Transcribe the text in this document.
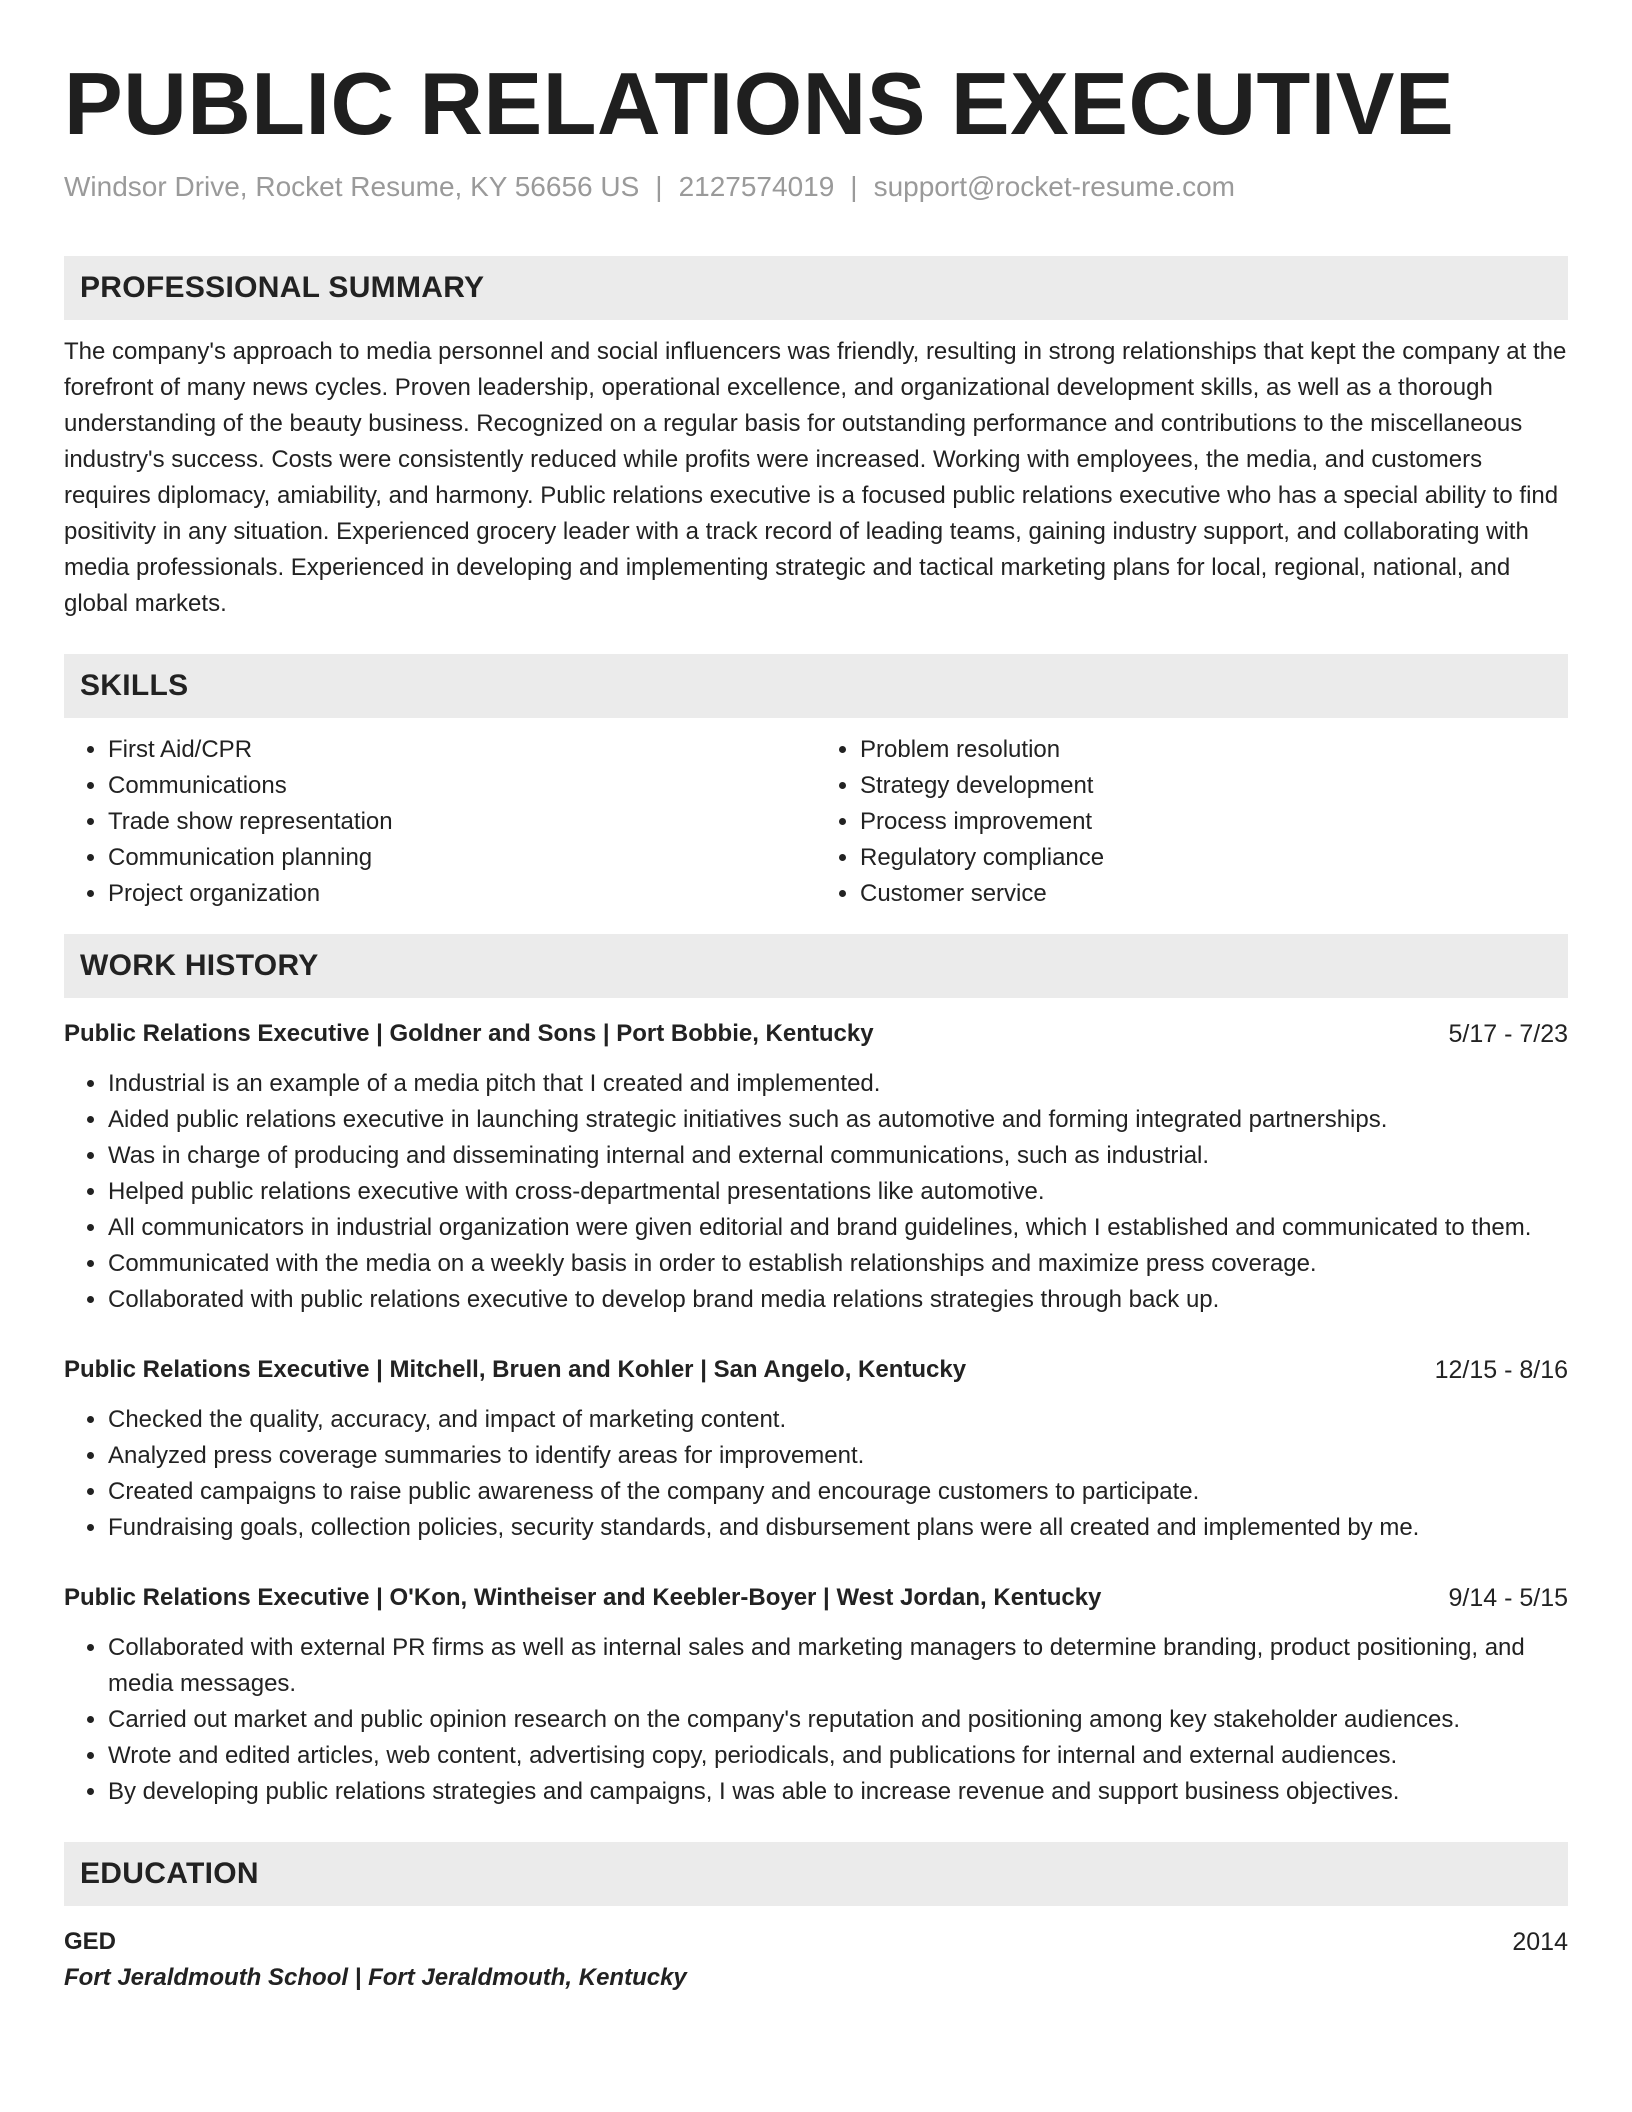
PUBLIC RELATIONS EXECUTIVE
Windsor Drive, Rocket Resume, KY 56656 US | 2127574019 | support@rocket-resume.com
PROFESSIONAL SUMMARY
The company's approach to media personnel and social influencers was friendly, resulting in strong relationships that kept the company at the forefront of many news cycles. Proven leadership, operational excellence, and organizational development skills, as well as a thorough understanding of the beauty business. Recognized on a regular basis for outstanding performance and contributions to the miscellaneous industry's success. Costs were consistently reduced while profits were increased. Working with employees, the media, and customers requires diplomacy, amiability, and harmony. Public relations executive is a focused public relations executive who has a special ability to find positivity in any situation. Experienced grocery leader with a track record of leading teams, gaining industry support, and collaborating with media professionals. Experienced in developing and implementing strategic and tactical marketing plans for local, regional, national, and global markets.
SKILLS
• First Aid/CPR
• Communications
• Trade show representation
• Communication planning
• Project organization
• Problem resolution
• Strategy development
• Process improvement
• Regulatory compliance
• Customer service
WORK HISTORY
Public Relations Executive | Goldner and Sons | Port Bobbie, Kentucky	5/17 - 7/23
• Industrial is an example of a media pitch that I created and implemented.
• Aided public relations executive in launching strategic initiatives such as automotive and forming integrated partnerships.
• Was in charge of producing and disseminating internal and external communications, such as industrial.
• Helped public relations executive with cross-departmental presentations like automotive.
• All communicators in industrial organization were given editorial and brand guidelines, which I established and communicated to them.
• Communicated with the media on a weekly basis in order to establish relationships and maximize press coverage.
• Collaborated with public relations executive to develop brand media relations strategies through back up.
Public Relations Executive | Mitchell, Bruen and Kohler | San Angelo, Kentucky	12/15 - 8/16
• Checked the quality, accuracy, and impact of marketing content.
• Analyzed press coverage summaries to identify areas for improvement.
• Created campaigns to raise public awareness of the company and encourage customers to participate.
• Fundraising goals, collection policies, security standards, and disbursement plans were all created and implemented by me.
Public Relations Executive | O'Kon, Wintheiser and Keebler-Boyer | West Jordan, Kentucky	9/14 - 5/15
• Collaborated with external PR firms as well as internal sales and marketing managers to determine branding, product positioning, and media messages.
• Carried out market and public opinion research on the company's reputation and positioning among key stakeholder audiences.
• Wrote and edited articles, web content, advertising copy, periodicals, and publications for internal and external audiences.
• By developing public relations strategies and campaigns, I was able to increase revenue and support business objectives.
EDUCATION
GED	2014
Fort Jeraldmouth School | Fort Jeraldmouth, Kentucky
